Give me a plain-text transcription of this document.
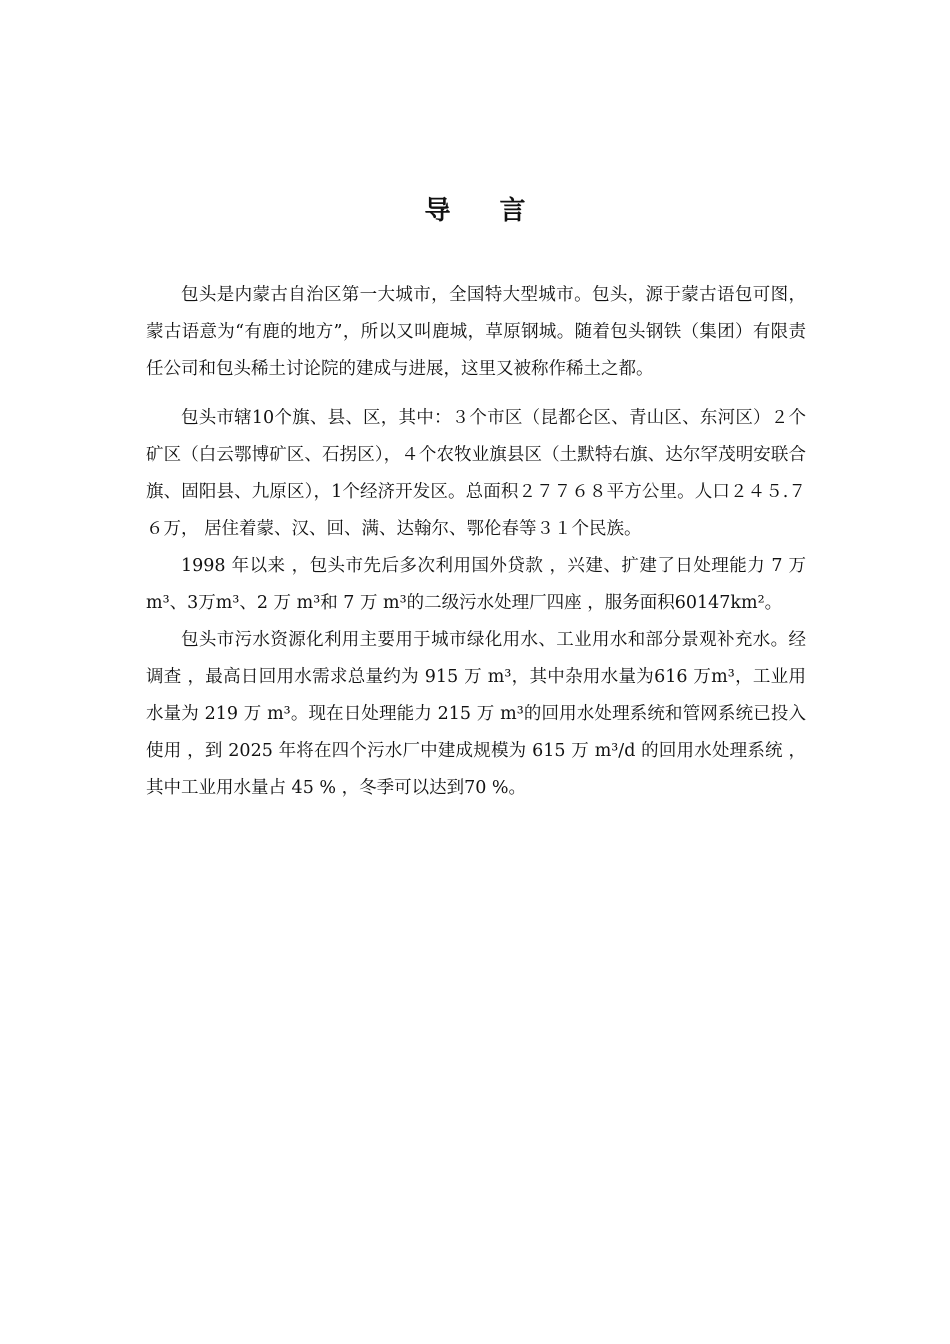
导 言

包头是内蒙古自治区第一大城市，全国特大型城市。包头，源于蒙古语包可图，蒙古语意为“有鹿的地方”，所以又叫鹿城，草原钢城。随着包头钢铁（集团）有限责任公司和包头稀土讨论院的建成与进展，这里又被称作稀土之都。

包头市辖10个旗、县、区，其中：３个市区（昆都仑区、青山区、东河区）２个矿区（白云鄂博矿区、石拐区），４个农牧业旗县区（土默特右旗、达尔罕茂明安联合旗、固阳县、九原区），1个经济开发区。总面积２７７６８平方公里。人口２４５.７６万， 居住着蒙、汉、回、满、达翰尔、鄂伦春等３１个民族。

1998 年以来 ，包头市先后多次利用国外贷款 ，兴建、扩建了日处理能力 7 万 m³、3万m³、2 万 m³和 7 万 m³的二级污水处理厂四座 ，服务面积60147km²。

包头市污水资源化利用主要用于城市绿化用水、工业用水和部分景观补充水。经调查 ，最高日回用水需求总量约为 915 万 m³，其中杂用水量为616 万m³，工业用水量为 219 万 m³。现在日处理能力 215 万 m³的回用水处理系统和管网系统已投入使用 ，到 2025 年将在四个污水厂中建成规模为 615 万 m³/d 的回用水处理系统 ，其中工业用水量占 45 % ，冬季可以达到70 %。
